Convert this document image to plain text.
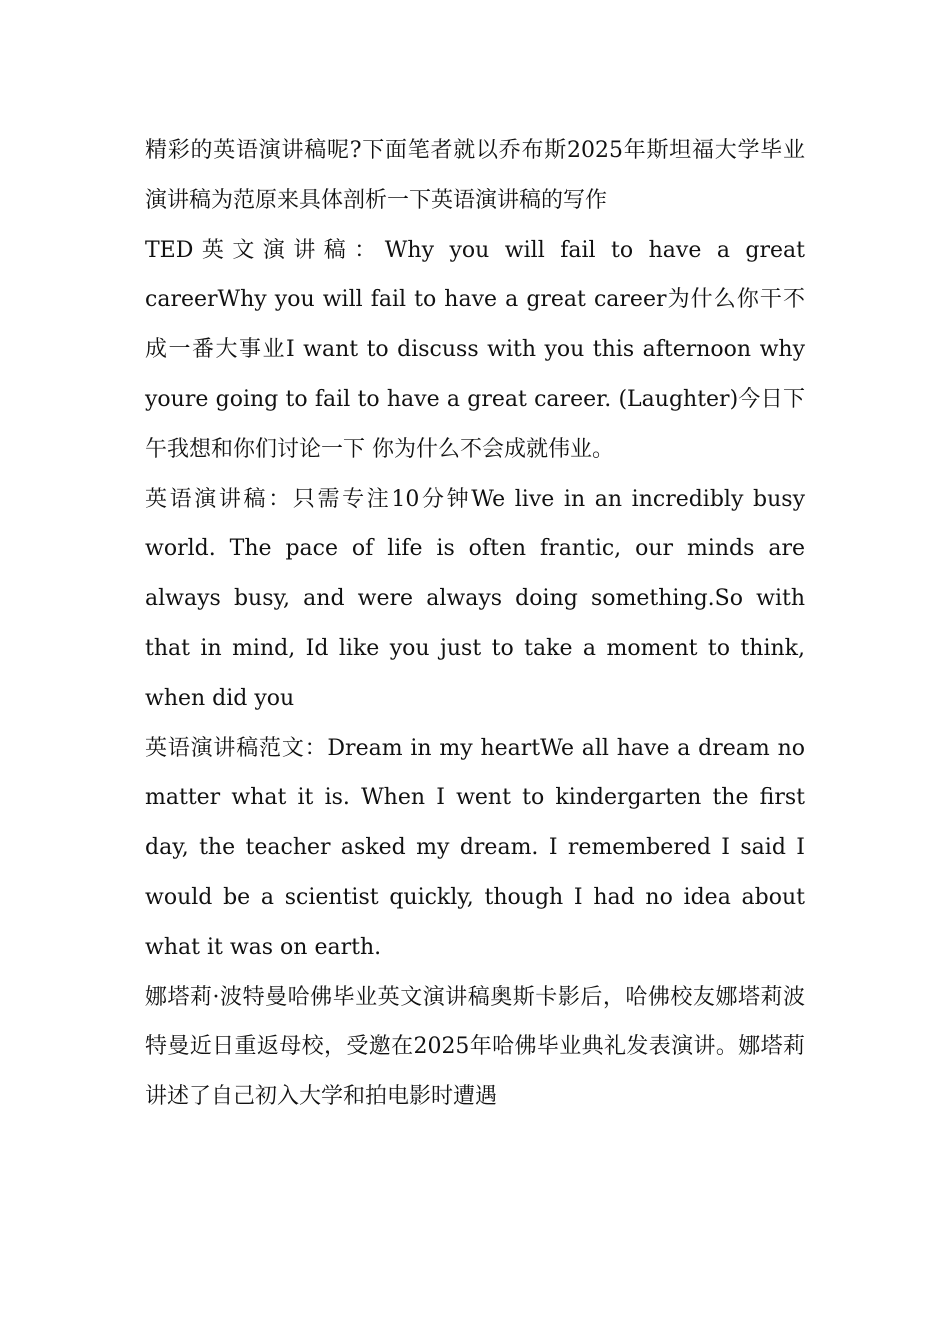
精彩的英语演讲稿呢?下面笔者就以乔布斯2025年斯坦福大学毕业演讲稿为范原来具体剖析一下英语演讲稿的写作

TED英文演讲稿：Why you will fail to have a great careerWhy you will fail to have a great career为什么你干不成一番大事业I want to discuss with you this afternoon why youre going to fail to have a great career. (Laughter)今日下午我想和你们讨论一下 你为什么不会成就伟业。

英语演讲稿：只需专注10分钟We live in an incredibly busy world. The pace of life is often frantic, our minds are always busy, and were always doing something.So with that in mind, Id like you just to take a moment to think, when did you

英语演讲稿范文：Dream in my heartWe all have a dream no matter what it is. When I went to kindergarten the first day, the teacher asked my dream. I remembered I said I would be a scientist quickly, though I had no idea about what it was on earth.

娜塔莉·波特曼哈佛毕业英文演讲稿奥斯卡影后，哈佛校友娜塔莉波特曼近日重返母校，受邀在2025年哈佛毕业典礼发表演讲。娜塔莉讲述了自己初入大学和拍电影时遭遇
